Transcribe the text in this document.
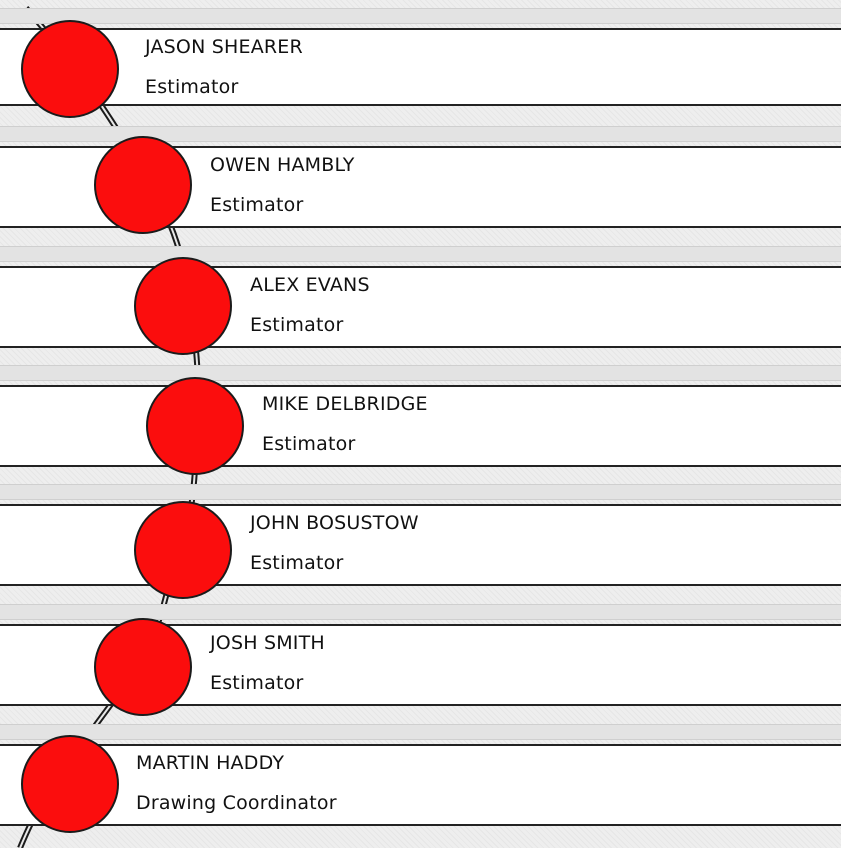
JASON SHEARER
Estimator
OWEN HAMBLY
Estimator
ALEX EVANS
Estimator
MIKE DELBRIDGE
Estimator
JOHN BOSUSTOW
Estimator
JOSH SMITH
Estimator
MARTIN HADDY
Drawing Coordinator
